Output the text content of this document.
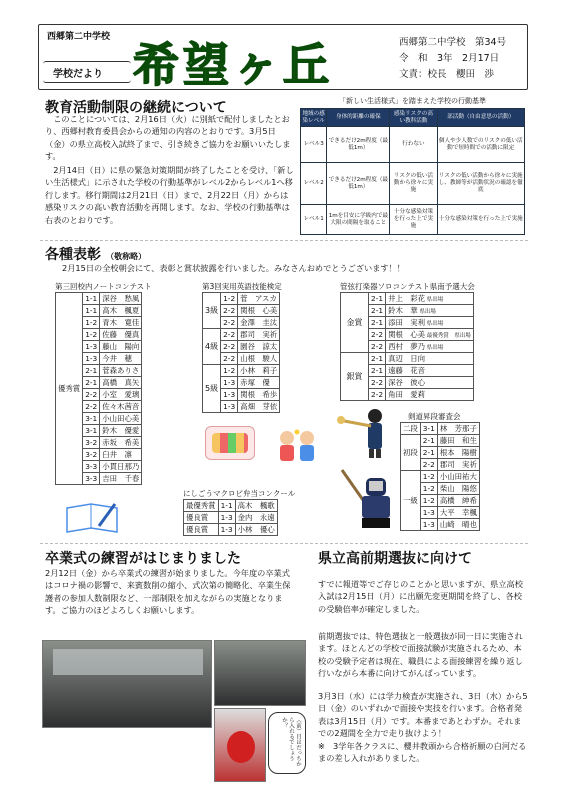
西郷第二中学校
学校だより 希望ヶ丘	西郷第二中学校　第34号
令　和　3年　2月17日
文責：校長　櫻田　渉
教育活動制限の継続について
　このことについては、2月16日（火）に別紙で配付しましたとおり、西郷村教育委員会からの通知の内容のとおりです。3月5日（金）の県立高校入試終了まで、引き続きご協力をお願いいたします。
　2月14日（日）に県の緊急対策期間が終了したことを受け、「新しい生活様式」に示された学校の行動基準がレベル2からレベル1へ移行します。移行期間は2月21日（日）まで、2月22日（月）からは感染リスクの高い教育活動を再開します。なお、学校の行動基準は右表のとおりです。
「新しい生活様式」を踏まえた学校の行動基準
地域の感染レベル	身体的距離の確保	感染リスクの高い教科活動	部活動（自由意思の活動）
レベル3	できるだけ2m程度（最低1m）	行わない	個人や少人数でのリスクの低い活動で短時間での活動に限定
レベル2	できるだけ2m程度（最低1m）	リスクの低い活動から徐々に実施	リスクの低い活動から徐々に実施し、教師等が活動状況の確認を徹底
レベル1	1mを目安に学級内で最大限の間隔を取ること	十分な感染対策を行った上で実施	十分な感染対策を行った上で実施
各種表彰 （敬称略）
2月15日の全校朝会にて、表彰と賞状披露を行いました。みなさんおめでとうございます！！
第三回校内ノートコンテスト
優秀賞	1-1	深谷　愁風
	1-1	高木　楓夏
	1-2	青木　寛佳
	1-2	佐藤　優真
	1-3	藤山　陽向
	1-3	今井　穂
	2-1	菅森ありさ
	2-1	高橋　真矢
	2-2	小室　愛璃
	2-2	佐々木茜音
	3-1	小山田心美
	3-1	鈴木　優愛
	3-2	赤坂　希美
	3-2	臼井　凛
	3-3	小貫日那乃
	3-3	吉田　千春
第3回実用英語技能検定
3級	1-2	菅　アスカ
	2-2	関根　心美
	2-2	金澤　圭汰
4級	2-2	郡司　実祈
	2-2	園谷　諒太
	2-2	山根　駿人
5級	1-2	小林　莉子
	1-3	赤塚　優
	1-3	関根　希歩
	1-3	高畑　芽依
管弦打楽器ソロコンテスト県南予選大会
金賞	2-1	井上　彩花 県出場
	2-1	鈴木　華 県出場
	2-1	添田　実利 県出場
	2-2	関根　心美 最優秀賞　県出場
	2-2	西村　夢乃 県出場
銀賞	2-1	真辺　日向
	2-1	遠藤　花音
	2-2	深谷　彼心
	2-2	角田　愛莉
にしごうマクロビ弁当コンクール
最優秀賞	1-1	高木　楓歌
優良賞	1-3	金内　永遠
優良賞	1-3	小林　優心
剣道昇段審査会
二段	3-1	林　芳那子
初段	2-1	藤田　和生
	2-1	根本　陽樹
	2-2	郡司　実祈
一級	1-2	小山田祐大
	1-2	柴山　陽悠
	1-2	高橋　紳希
	1-3	大平　幸楓
	1-3	山崎　晴也
卒業式の練習がはじまりました
2月12日（金）から卒業式の練習が始まりました。今年度の卒業式はコロナ禍の影響で、来賓数削の縮小、式次第の簡略化、卒業生保護者の参加人数制限など、一部制限を加えながらの実施となります。ご協力のほどよろしくお願いします。
（前）目はだっちから入れるでしょうか？
県立高前期選抜に向けて
すでに報道等でご存じのことかと思いますが、県立高校入試は2月15日（月）に出願先変更期間を終了し、各校の受験倍率が確定しました。
前期選抜では、特色選抜と一般選抜が同一日に実施されます。ほとんどの学校で面接試験が実施されるため、本校の受験予定者は現在、職員による面接練習を繰り返し行いながら本番に向けてがんばっています。
3月3日（水）には学力検査が実施され、3日（水）から5日（金）のいずれかで面接や実技を行います。合格者発表は3月15日（月）です。本番まであとわずか。それまでの2週間を全力で走り抜けよう！
※　3学年各クラスに、櫻井教頭から合格祈願の白河だるまの差し入れがありました。
